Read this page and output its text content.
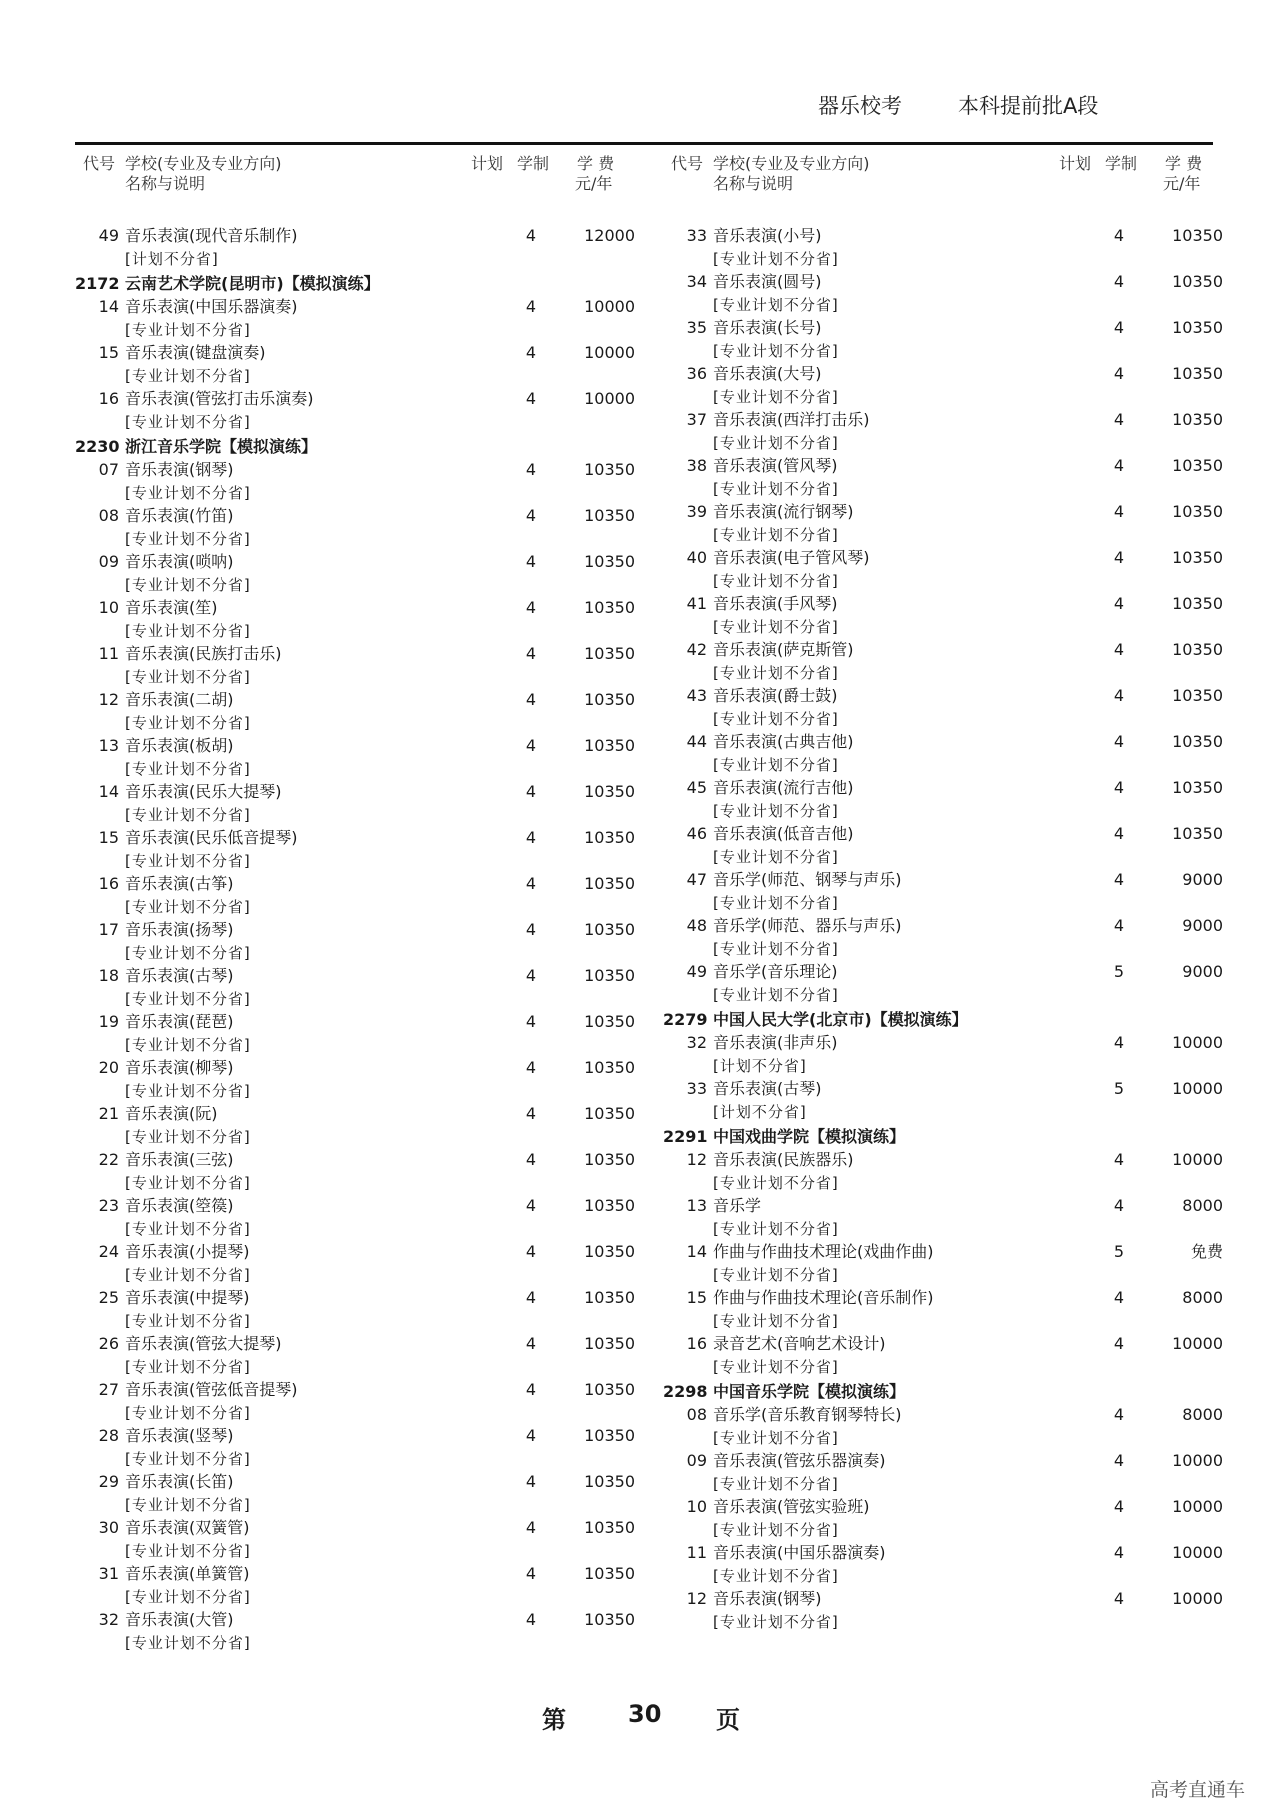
器乐校考	本科提前批A段
代号 学校(专业及专业方向)
名称与说明
计划 学制 学 费
元/年
49 音乐表演(现代音乐制作)	4	12000
[计划不分省]
2172 云南艺术学院(昆明市)【模拟演练】
14 音乐表演(中国乐器演奏)	4	10000
[专业计划不分省]
15 音乐表演(键盘演奏)	4	10000
[专业计划不分省]
16 音乐表演(管弦打击乐演奏)	4	10000
[专业计划不分省]
2230 浙江音乐学院【模拟演练】
07 音乐表演(钢琴)	4	10350
[专业计划不分省]
08 音乐表演(竹笛)	4	10350
[专业计划不分省]
09 音乐表演(唢呐)	4	10350
[专业计划不分省]
10 音乐表演(笙)	4	10350
[专业计划不分省]
11 音乐表演(民族打击乐)	4	10350
[专业计划不分省]
12 音乐表演(二胡)	4	10350
[专业计划不分省]
13 音乐表演(板胡)	4	10350
[专业计划不分省]
14 音乐表演(民乐大提琴)	4	10350
[专业计划不分省]
15 音乐表演(民乐低音提琴)	4	10350
[专业计划不分省]
16 音乐表演(古筝)	4	10350
[专业计划不分省]
17 音乐表演(扬琴)	4	10350
[专业计划不分省]
18 音乐表演(古琴)	4	10350
[专业计划不分省]
19 音乐表演(琵琶)	4	10350
[专业计划不分省]
20 音乐表演(柳琴)	4	10350
[专业计划不分省]
21 音乐表演(阮)	4	10350
[专业计划不分省]
22 音乐表演(三弦)	4	10350
[专业计划不分省]
23 音乐表演(箜篌)	4	10350
[专业计划不分省]
24 音乐表演(小提琴)	4	10350
[专业计划不分省]
25 音乐表演(中提琴)	4	10350
[专业计划不分省]
26 音乐表演(管弦大提琴)	4	10350
[专业计划不分省]
27 音乐表演(管弦低音提琴)	4	10350
[专业计划不分省]
28 音乐表演(竖琴)	4	10350
[专业计划不分省]
29 音乐表演(长笛)	4	10350
[专业计划不分省]
30 音乐表演(双簧管)	4	10350
[专业计划不分省]
31 音乐表演(单簧管)	4	10350
[专业计划不分省]
32 音乐表演(大管)	4	10350
[专业计划不分省]
代号 学校(专业及专业方向)
名称与说明
计划 学制 学 费
元/年
33 音乐表演(小号)	4	10350
[专业计划不分省]
34 音乐表演(圆号)	4	10350
[专业计划不分省]
35 音乐表演(长号)	4	10350
[专业计划不分省]
36 音乐表演(大号)	4	10350
[专业计划不分省]
37 音乐表演(西洋打击乐)	4	10350
[专业计划不分省]
38 音乐表演(管风琴)	4	10350
[专业计划不分省]
39 音乐表演(流行钢琴)	4	10350
[专业计划不分省]
40 音乐表演(电子管风琴)	4	10350
[专业计划不分省]
41 音乐表演(手风琴)	4	10350
[专业计划不分省]
42 音乐表演(萨克斯管)	4	10350
[专业计划不分省]
43 音乐表演(爵士鼓)	4	10350
[专业计划不分省]
44 音乐表演(古典吉他)	4	10350
[专业计划不分省]
45 音乐表演(流行吉他)	4	10350
[专业计划不分省]
46 音乐表演(低音吉他)	4	10350
[专业计划不分省]
47 音乐学(师范、钢琴与声乐)	4	9000
[专业计划不分省]
48 音乐学(师范、器乐与声乐)	4	9000
[专业计划不分省]
49 音乐学(音乐理论)	5	9000
[专业计划不分省]
2279 中国人民大学(北京市)【模拟演练】
32 音乐表演(非声乐)	4	10000
[计划不分省]
33 音乐表演(古琴)	5	10000
[计划不分省]
2291 中国戏曲学院【模拟演练】
12 音乐表演(民族器乐)	4	10000
[专业计划不分省]
13 音乐学	4	8000
[专业计划不分省]
14 作曲与作曲技术理论(戏曲作曲)	5	免费
[专业计划不分省]
15 作曲与作曲技术理论(音乐制作)	4	8000
[专业计划不分省]
16 录音艺术(音响艺术设计)	4	10000
[专业计划不分省]
2298 中国音乐学院【模拟演练】
08 音乐学(音乐教育钢琴特长)	4	8000
[专业计划不分省]
09 音乐表演(管弦乐器演奏)	4	10000
[专业计划不分省]
10 音乐表演(管弦实验班)	4	10000
[专业计划不分省]
11 音乐表演(中国乐器演奏)	4	10000
[专业计划不分省]
12 音乐表演(钢琴)	4	10000
[专业计划不分省]
第	30 页
高考直通车
